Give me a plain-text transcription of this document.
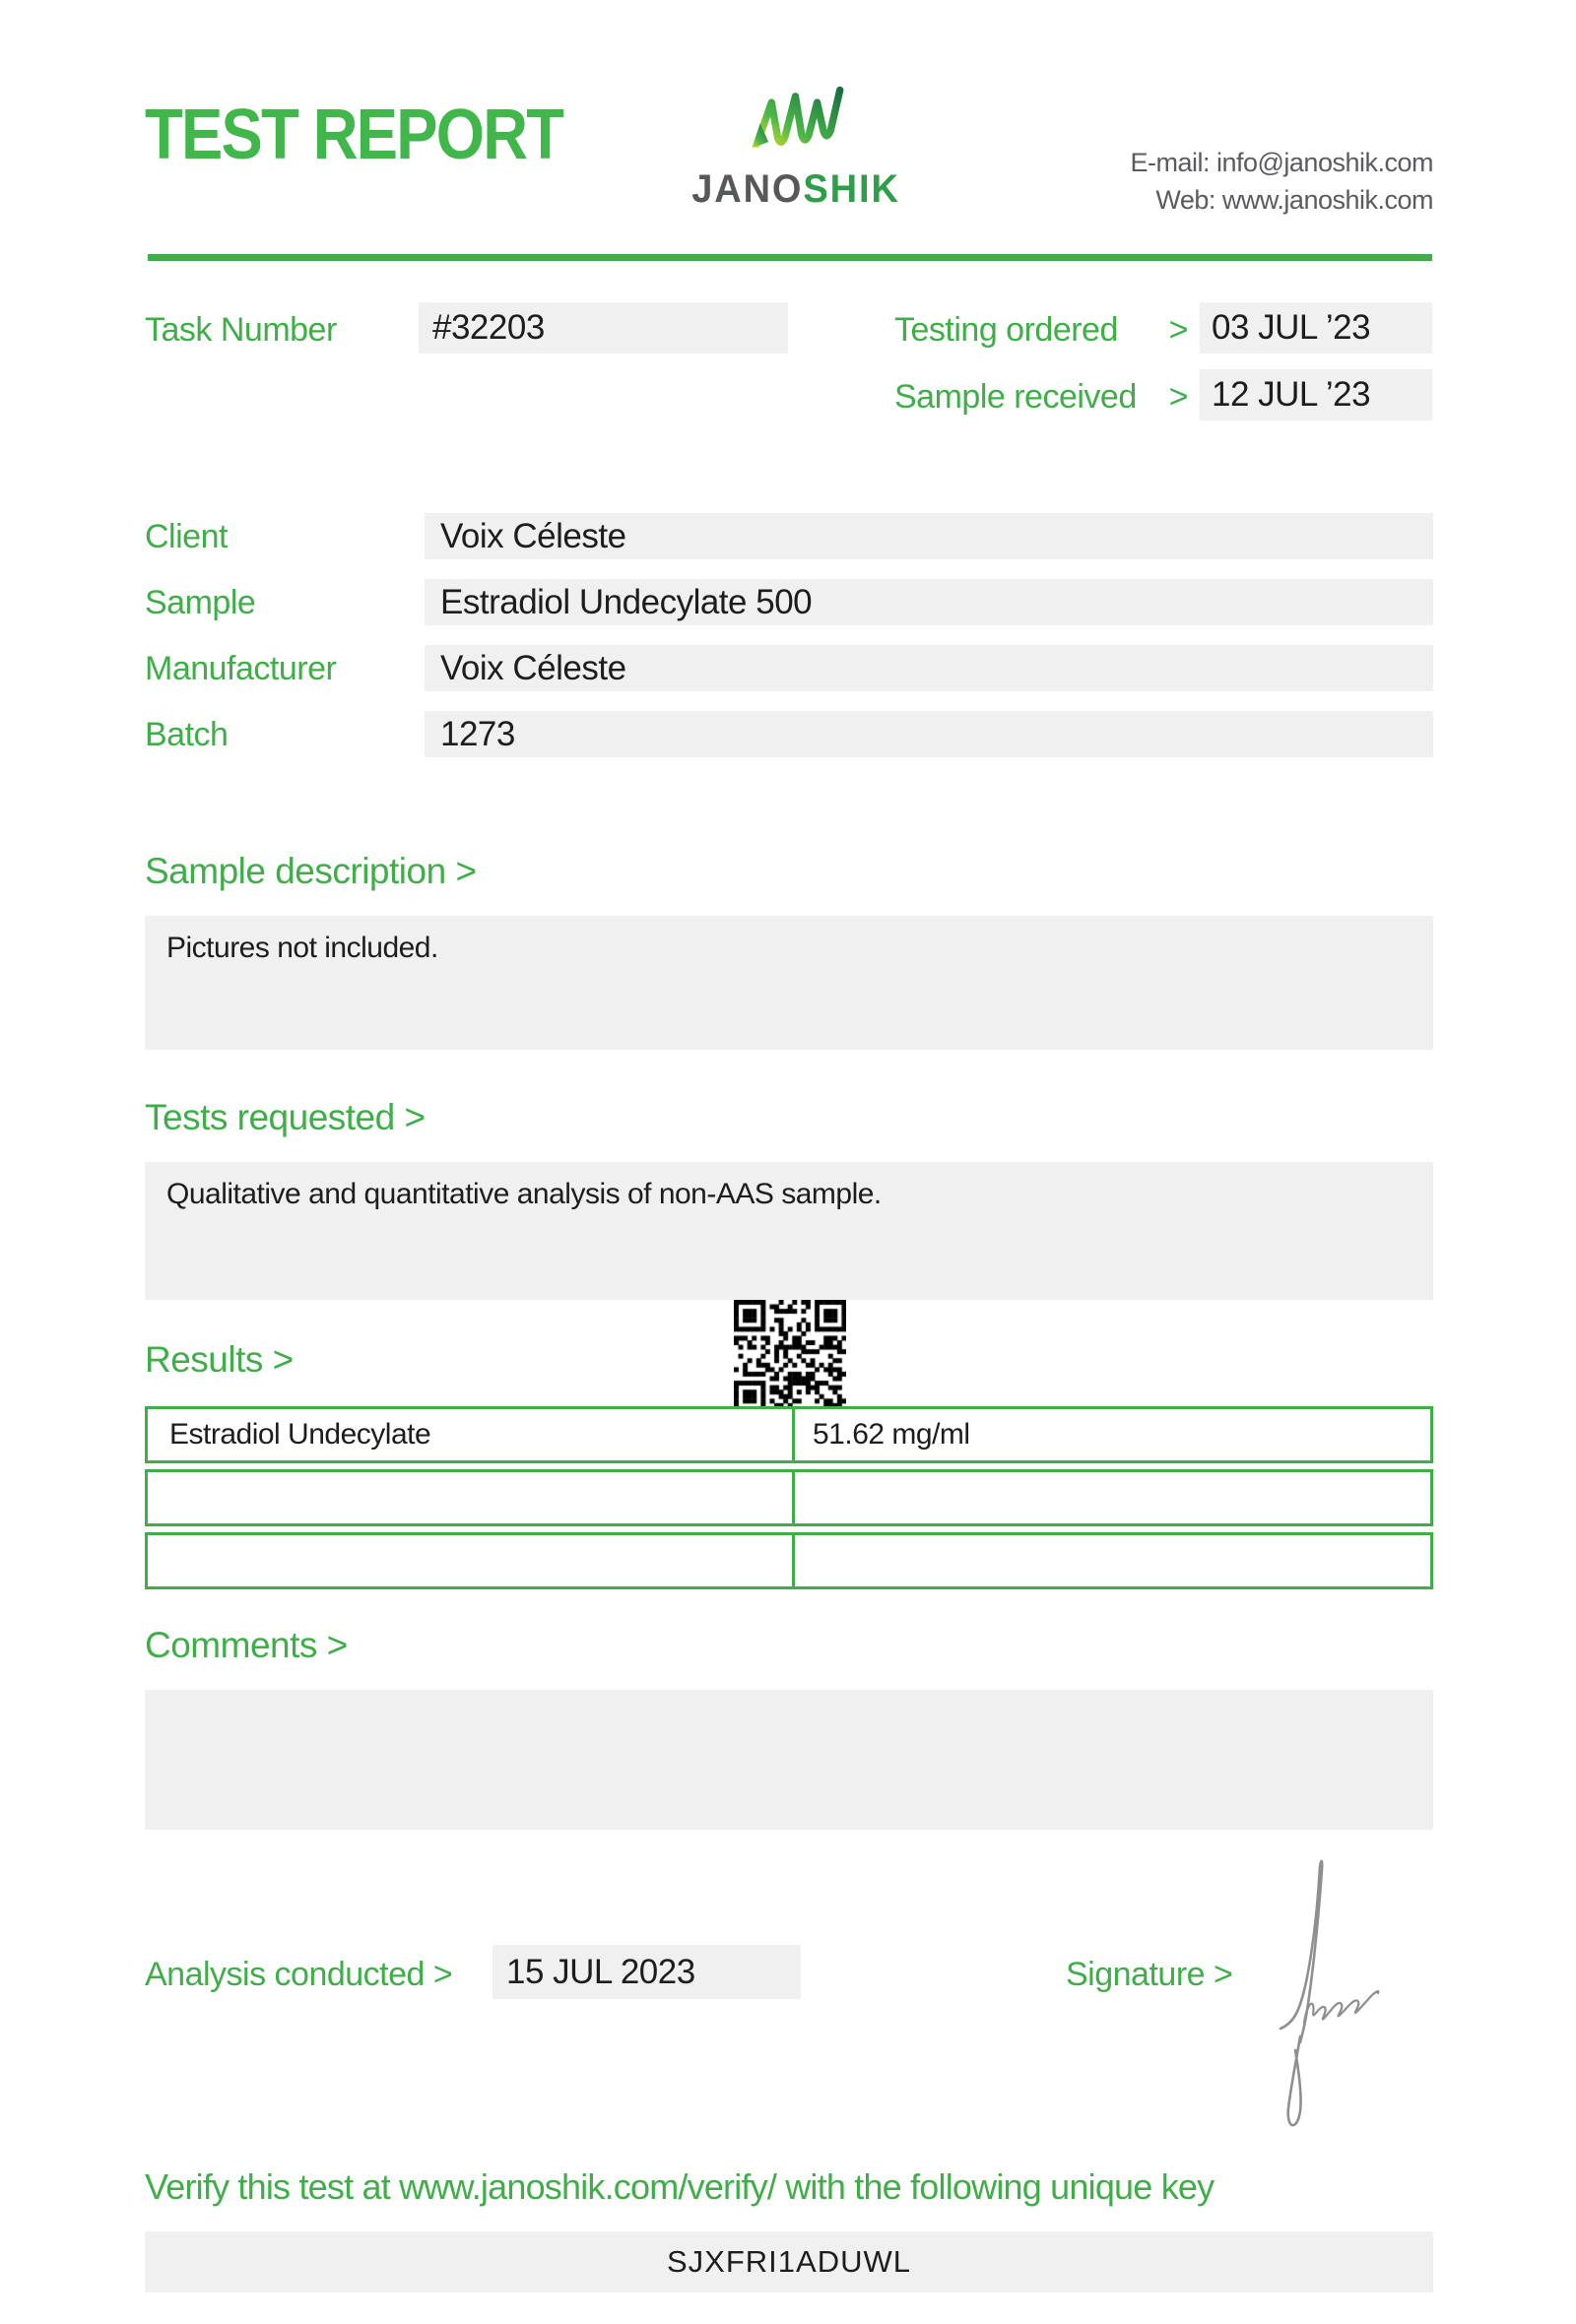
TEST REPORT
JANOSHIK
E-mail: info@janoshik.com
Web: www.janoshik.com
Task Number	#32203	Testing ordered > 03 JUL ’23
Sample received > 12 JUL ’23
Client	Voix Céleste
Sample	Estradiol Undecylate 500
Manufacturer	Voix Céleste
Batch	1273
Sample description >
Pictures not included.
Tests requested >
Qualitative and quantitative analysis of non-AAS sample.
Results >
Estradiol Undecylate	51.62 mg/ml
Comments >
Analysis conducted > 15 JUL 2023	Signature >
Verify this test at www.janoshik.com/verify/ with the following unique key
SJXFRI1ADUWL
